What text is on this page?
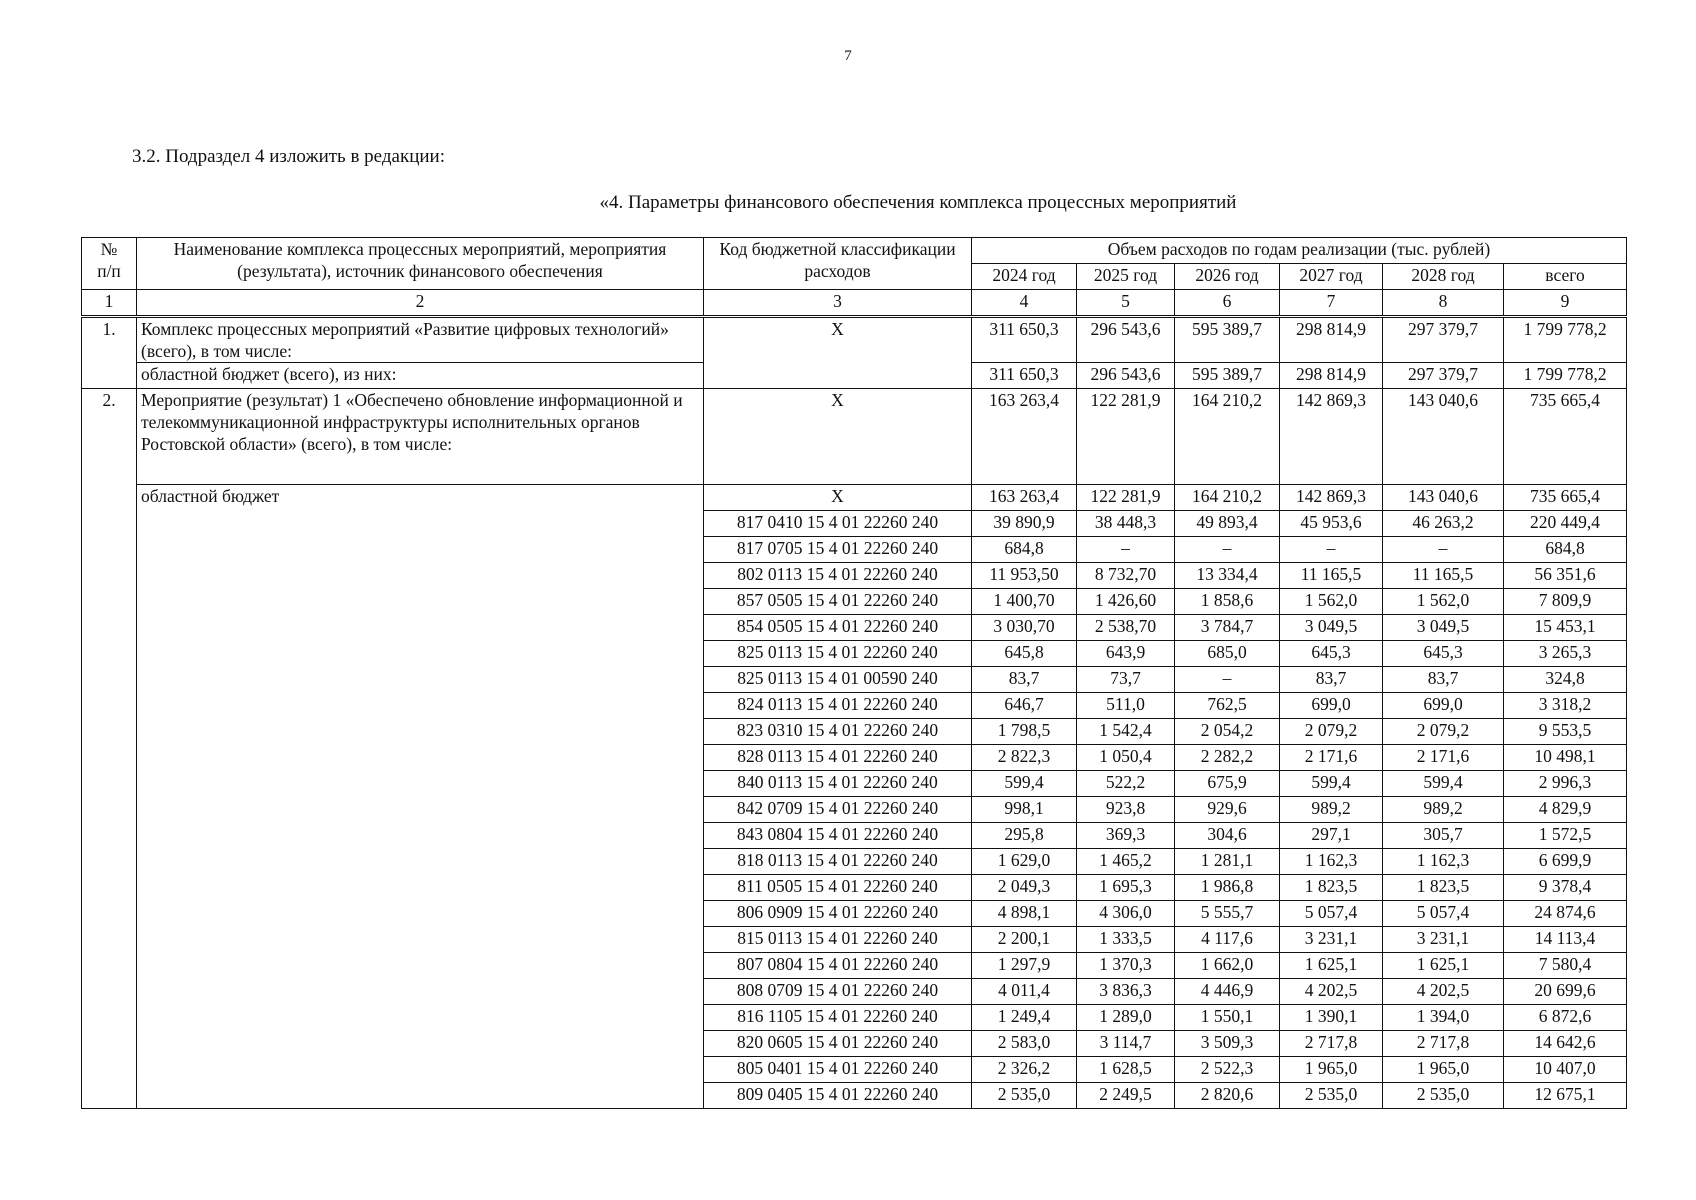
7
3.2. Подраздел 4 изложить в редакции:
«4. Параметры финансового обеспечения комплекса процессных мероприятий
№
п/п	Наименование комплекса процессных мероприятий, мероприятия (результата), источник финансового обеспечения	Код бюджетной классификации расходов	Объем расходов по годам реализации (тыс. рублей)					
			2024 год	2025 год	2026 год	2027 год	2028 год	всего
1	2	3	4	5	6	7	8	9
1.	Комплекс процессных мероприятий «Развитие цифровых технологий» (всего), в том числе:	X	311 650,3	296 543,6	595 389,7	298 814,9	297 379,7	1 799 778,2
	областной бюджет (всего), из них:		311 650,3	296 543,6	595 389,7	298 814,9	297 379,7	1 799 778,2
2.	Мероприятие (результат) 1 «Обеспечено обновление информационной и телекоммуникационной инфраструктуры исполнительных органов Ростовской области» (всего), в том числе:	X	163 263,4	122 281,9	164 210,2	142 869,3	143 040,6	735 665,4
	областной бюджет	X	163 263,4	122 281,9	164 210,2	142 869,3	143 040,6	735 665,4
		817 0410 15 4 01 22260 240	39 890,9	38 448,3	49 893,4	45 953,6	46 263,2	220 449,4
		817 0705 15 4 01 22260 240	684,8	–	–	–	–	684,8
		802 0113 15 4 01 22260 240	11 953,50	8 732,70	13 334,4	11 165,5	11 165,5	56 351,6
		857 0505 15 4 01 22260 240	1 400,70	1 426,60	1 858,6	1 562,0	1 562,0	7 809,9
		854 0505 15 4 01 22260 240	3 030,70	2 538,70	3 784,7	3 049,5	3 049,5	15 453,1
		825 0113 15 4 01 22260 240	645,8	643,9	685,0	645,3	645,3	3 265,3
		825 0113 15 4 01 00590 240	83,7	73,7	–	83,7	83,7	324,8
		824 0113 15 4 01 22260 240	646,7	511,0	762,5	699,0	699,0	3 318,2
		823 0310 15 4 01 22260 240	1 798,5	1 542,4	2 054,2	2 079,2	2 079,2	9 553,5
		828 0113 15 4 01 22260 240	2 822,3	1 050,4	2 282,2	2 171,6	2 171,6	10 498,1
		840 0113 15 4 01 22260 240	599,4	522,2	675,9	599,4	599,4	2 996,3
		842 0709 15 4 01 22260 240	998,1	923,8	929,6	989,2	989,2	4 829,9
		843 0804 15 4 01 22260 240	295,8	369,3	304,6	297,1	305,7	1 572,5
		818 0113 15 4 01 22260 240	1 629,0	1 465,2	1 281,1	1 162,3	1 162,3	6 699,9
		811 0505 15 4 01 22260 240	2 049,3	1 695,3	1 986,8	1 823,5	1 823,5	9 378,4
		806 0909 15 4 01 22260 240	4 898,1	4 306,0	5 555,7	5 057,4	5 057,4	24 874,6
		815 0113 15 4 01 22260 240	2 200,1	1 333,5	4 117,6	3 231,1	3 231,1	14 113,4
		807 0804 15 4 01 22260 240	1 297,9	1 370,3	1 662,0	1 625,1	1 625,1	7 580,4
		808 0709 15 4 01 22260 240	4 011,4	3 836,3	4 446,9	4 202,5	4 202,5	20 699,6
		816 1105 15 4 01 22260 240	1 249,4	1 289,0	1 550,1	1 390,1	1 394,0	6 872,6
		820 0605 15 4 01 22260 240	2 583,0	3 114,7	3 509,3	2 717,8	2 717,8	14 642,6
		805 0401 15 4 01 22260 240	2 326,2	1 628,5	2 522,3	1 965,0	1 965,0	10 407,0
		809 0405 15 4 01 22260 240	2 535,0	2 249,5	2 820,6	2 535,0	2 535,0	12 675,1
